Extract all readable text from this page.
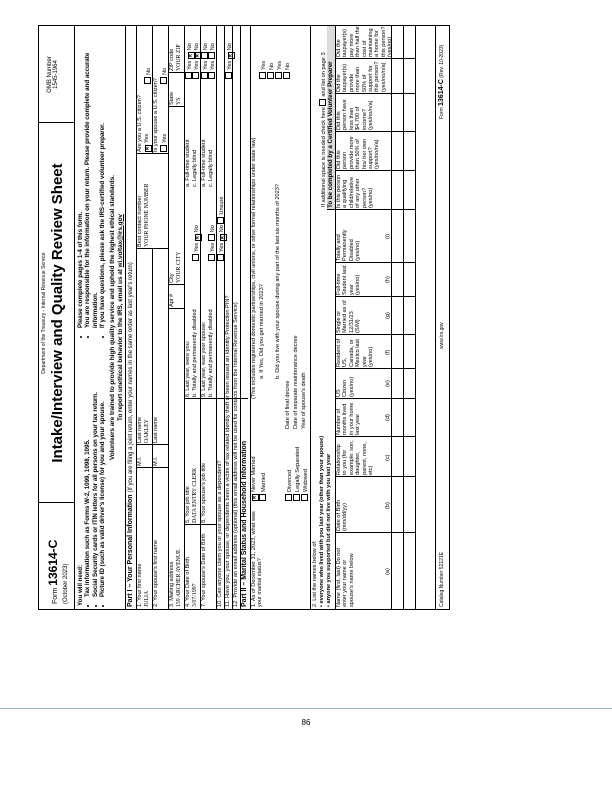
Form 13614-C (October 2023)
Department of the Treasury - Internal Revenue Service Intake/Interview and Quality Review Sheet
OMB Number 1545-1964
You will need: • Tax information such as Forms W-2, 1099, 1098, 1095. • Social Security cards or ITIN letters for all persons on your tax return. • Picture ID (such as valid driver's license) for you and your spouse.
• Please complete pages 1-4 of this form. • You are responsible for the information on your return. Please provide complete and accurate information. • If you have questions, please ask the IRS-certified volunteer preparer. Volunteers are trained to provide high quality service and uphold the highest ethical standards. To report unethical behavior to the IRS, email us at wi.voltax@irs.gov
Part I – Your Personal Information (If you are filing a joint return, enter your names in the same order as last year's return)
1. Your first name JULIA
M.I.
Last name OAKLEY
Best contact number YOUR PHONE NUMBER
Are you a U.S. citizen? ✕Yes
No
2. Your spouse's first name
M.I.
Last name
Is your spouse a U.S. citizen? Yes
No
3. Mailing address 159 ARCHER AVENUE
Apt #
City YOUR CITY
State YS
ZIP code YOUR ZIP
4. Your Date of Birth 3/07/1997
5. Your job title DATA ENTRY CLERK
6. Last year, were you:
a. Full-time student
Yes ✕No
b. Totally and permanently disabled
Yes ✕No
c. Legally blind
Yes ✕No
7. Your spouse's Date of Birth
8. Your spouse's job title
9. Last year, was your spouse:
a. Full-time student
Yes No
b. Totally and permanently disabled
Yes No
c. Legally blind
Yes No
10. Can anyone claim you or your spouse as a dependent?
Yes ✕No Unsure
11. Have you, your spouse, or dependents been a victim of tax related identity theft or been issued an Identity Protection PIN?
Yes ✕No
12. Provide an email address (optional) (this email address will not be used for contacts from the Internal Revenue Service) Part II – Marital Status and Household Information 1. As of December 31, 2023, what was your marital status?
✕Never Married Married
(This includes registered domestic partnerships, civil unions, or other formal relationships under state law) a. If Yes, Did you get married in 2023?
Yes No
b. Did you live with your spouse during any part of the last six months of 2023?
Yes No
Divorced
Date of final decree
Legally Separated
Date of separate maintenance decree
Widowed
Year of spouse's death
2. List the names below of: • everyone who lived with you last year (other than your spouse)
• anyone you supported but did not live with you last year
If additional space is needed check here and list on page 3 To be completed by a Certified Volunteer Preparer
Name (first, last) Do not enter your name or spouse's name below
Date of Birth (mm/dd/yy)
Relationship to you (for example: son, daughter, parent, none, etc)
Number of months lived in your home last year
US Citizen (yes/no)
Resident of US, Canada, or Mexico last year (yes/no)
Single or Married as of 12/31/23 (S/M)
Full-time Student last year (yes/no)
Totally and Permanently Disabled (yes/no)
Is this person a qualifying child/relative of any other person? (yes/no)
Did this person provide more than 50% of his/ her own support? (yes/no/n/a)
Did this person have less than $4,700 of income? (yes/no/n/a)
Did the taxpayer(s) provide more than 50% of support for this person? (yes/no/n/a)
Did the taxpayer(s) pay more than half the cost of maintaining a home for this person? (yes/no)
(a)
(b)
(c)
(d)
(e)
(f)
(g)
(h)
(i)
Catalog Number 52121E
www.irs.gov
Form 13614-C (Rev. 10-2023)
86
